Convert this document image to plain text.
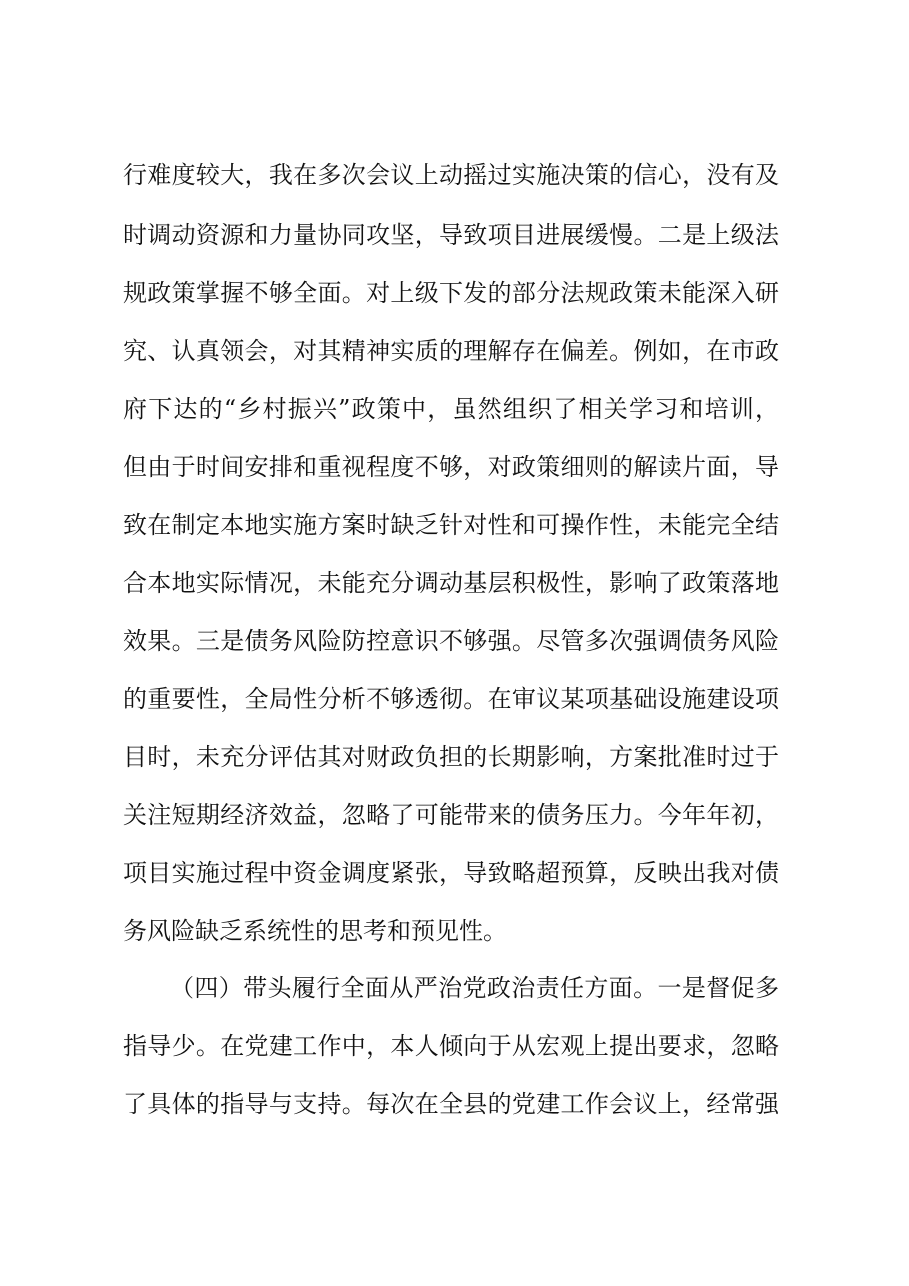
行难度较大，我在多次会议上动摇过实施决策的信心，没有及
时调动资源和力量协同攻坚，导致项目进展缓慢。二是上级法
规政策掌握不够全面。对上级下发的部分法规政策未能深入研
究、认真领会，对其精神实质的理解存在偏差。例如，在市政
府下达的“乡村振兴”政策中，虽然组织了相关学习和培训，
但由于时间安排和重视程度不够，对政策细则的解读片面，导
致在制定本地实施方案时缺乏针对性和可操作性，未能完全结
合本地实际情况，未能充分调动基层积极性，影响了政策落地
效果。三是债务风险防控意识不够强。尽管多次强调债务风险
的重要性，全局性分析不够透彻。在审议某项基础设施建设项
目时，未充分评估其对财政负担的长期影响，方案批准时过于
关注短期经济效益，忽略了可能带来的债务压力。今年年初，
项目实施过程中资金调度紧张，导致略超预算，反映出我对债
务风险缺乏系统性的思考和预见性。
（四）带头履行全面从严治党政治责任方面。一是督促多
指导少。在党建工作中，本人倾向于从宏观上提出要求，忽略
了具体的指导与支持。每次在全县的党建工作会议上，经常强
